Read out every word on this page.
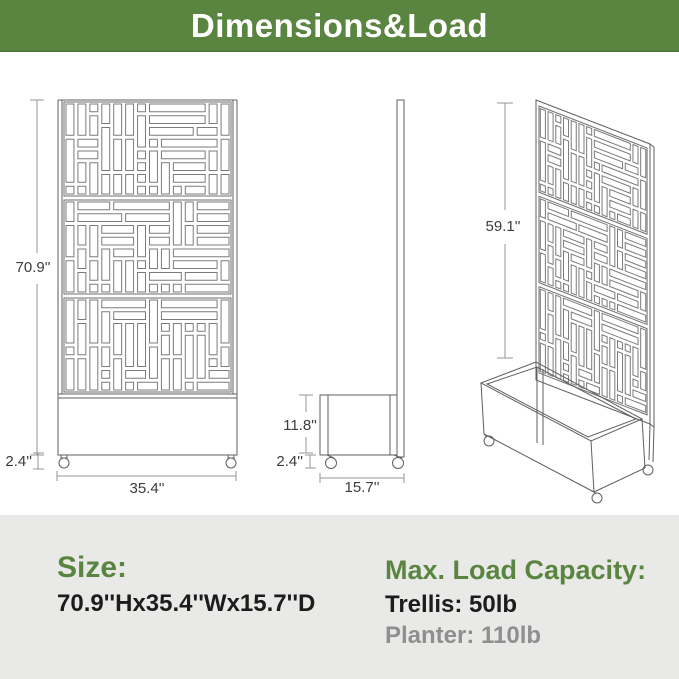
Dimensions&Load
70.9''
2.4''
35.4''
11.8''
2.4''
15.7''
59.1''
Size:
70.9''Hx35.4''Wx15.7''D
Max. Load Capacity:
Trellis: 50lb
Planter: 110lb
